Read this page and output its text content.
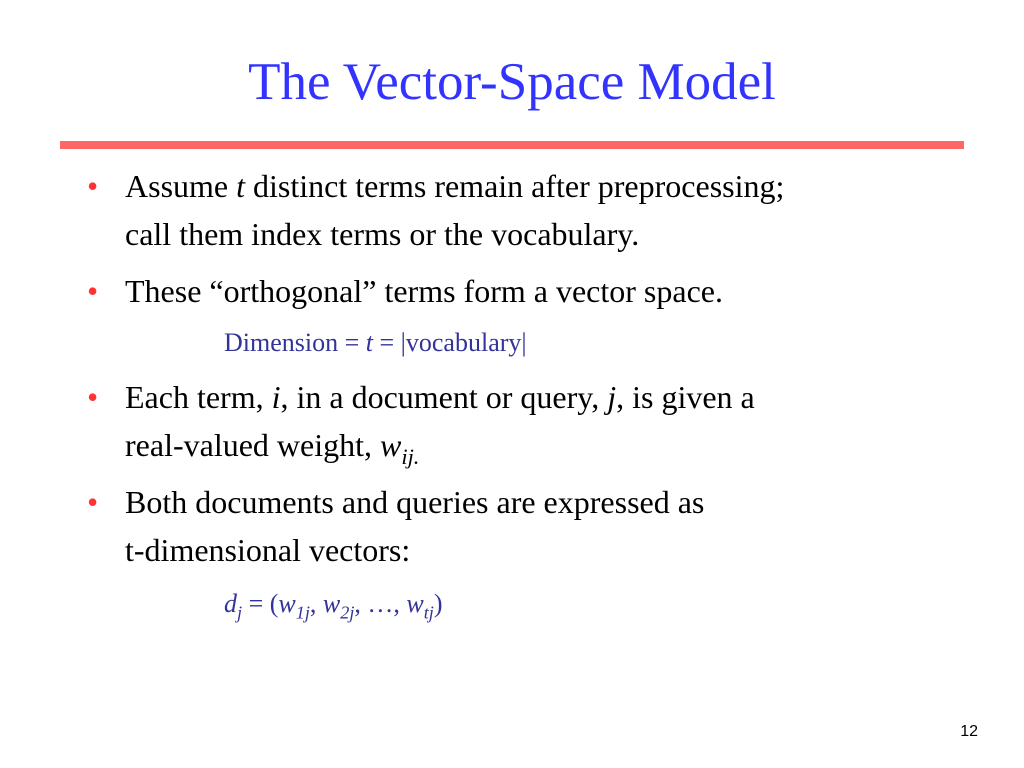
The Vector-Space Model
• Assume t distinct terms remain after preprocessing;
call them index terms or the vocabulary.
• These “orthogonal” terms form a vector space.
Dimension = t = |vocabulary|
• Each term, i, in a document or query, j, is given a
real-valued weight, $w_{ij.}$
• Both documents and queries are expressed as
t-dimensional vectors:
$d_j = (w_{1j}$, $w_{2j}$, …, $w_{tj}$)
12
